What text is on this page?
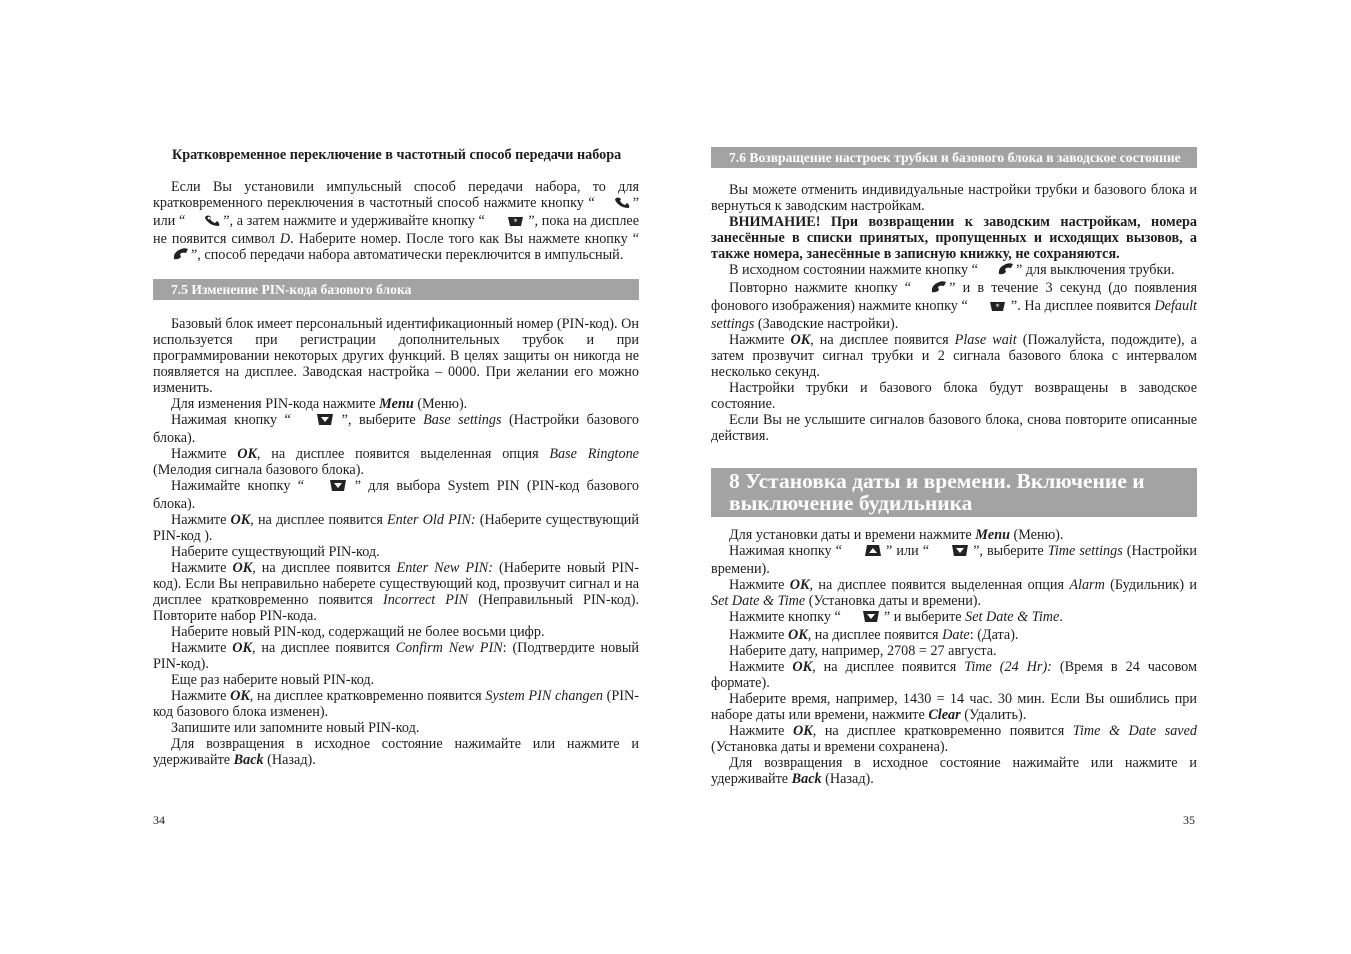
Кратковременное переключение в частотный способ передачи набора

Если Вы установили импульсный способ передачи набора, то для кратковременного переключения в частотный способ нажмите кнопку “	” или “	”, а затем нажмите и удерживайте кнопку “	* ”, пока на дисплее не появится символ D. Наберите номер. После того как Вы нажмете кнопку “”, способ передачи набора автоматически переключится в импульсный.

7.5 Изменение PIN-кода базового блока

Базовый блок имеет персональный идентификационный номер (PIN-код). Он используется при регистрации дополнительных трубок и при программировании некоторых других функций. В целях защиты он никогда не появляется на дисплее. Заводская настройка – 0000. При желании его можно изменить.

Для изменения PIN-кода нажмите Menu (Меню).

Нажимая кнопку “	”, выберите Base settings (Настройки базового блока).

Нажмите OK, на дисплее появится выделенная опция Base Ringtone (Мелодия сигнала базового блока).

Нажимайте кнопку “	” для выбора System PIN (PIN-код базового блока).

Нажмите OK, на дисплее появится Enter Old PIN: (Наберите существующий PIN-код ).

Наберите существующий PIN-код.

Нажмите OK, на дисплее появится Enter New PIN: (Наберите новый PIN-код). Если Вы неправильно наберете существующий код, прозвучит сигнал и на дисплее кратковременно появится Incorrect PIN (Неправильный PIN-код). Повторите набор PIN-кода.

Наберите новый PIN-код, содержащий не более восьми цифр.

Нажмите OK, на дисплее появится Confirm New PIN: (Подтвердите новый PIN-код).

Еще раз наберите новый PIN-код.

Нажмите OK, на дисплее кратковременно появится System PIN changen (PIN-код базового блока изменен).

Запишите или запомните новый PIN-код.

Для возвращения в исходное состояние нажимайте или нажмите и удерживайте Back (Назад).

34
7.6 Возвращение настроек трубки и базового блока в заводское состояние

Вы можете отменить индивидуальные настройки трубки и базового блока и вернуться к заводским настройкам.

ВНИМАНИЕ! При возвращении к заводским настройкам, номера занесённые в списки принятых, пропущенных и исходящих вызовов, а также номера, занесённые в записную книжку, не сохраняются.

В исходном состоянии нажмите кнопку “	” для выключения трубки.

Повторно нажмите кнопку “	” и в течение 3 секунд (до появления фонового изображения) нажмите кнопку “	* ”. На дисплее появится Default settings (Заводские настройки).

Нажмите OK, на дисплее появится Plase wait (Пожалуйста, подождите), а затем прозвучит сигнал трубки и 2 сигнала базового блока с интервалом несколько секунд.

Настройки трубки и базового блока будут возвращены в заводское состояние.

Если Вы не услышите сигналов базового блока, снова повторите описанные действия.

8 Установка даты и времени. Включение и выключение будильника

Для установки даты и времени нажмите Menu (Меню).

Нажимая кнопку “	” или “	”, выберите Time settings (Настройки времени).

Нажмите OK, на дисплее появится выделенная опция Alarm (Будильник) и Set Date & Time (Установка даты и времени).

Нажмите кнопку “	” и выберите Set Date & Time.

Нажмите OK, на дисплее появится Date: (Дата).

Наберите дату, например, 2708 = 27 августа.

Нажмите OK, на дисплее появится Time (24 Hr): (Время в 24 часовом формате).

Наберите время, например, 1430 = 14 час. 30 мин. Если Вы ошиблись при наборе даты или времени, нажмите Clear (Удалить).

Нажмите OK, на дисплее кратковременно появится Time & Date saved (Установка даты и времени сохранена).

Для возвращения в исходное состояние нажимайте или нажмите и удерживайте Back (Назад).

35
